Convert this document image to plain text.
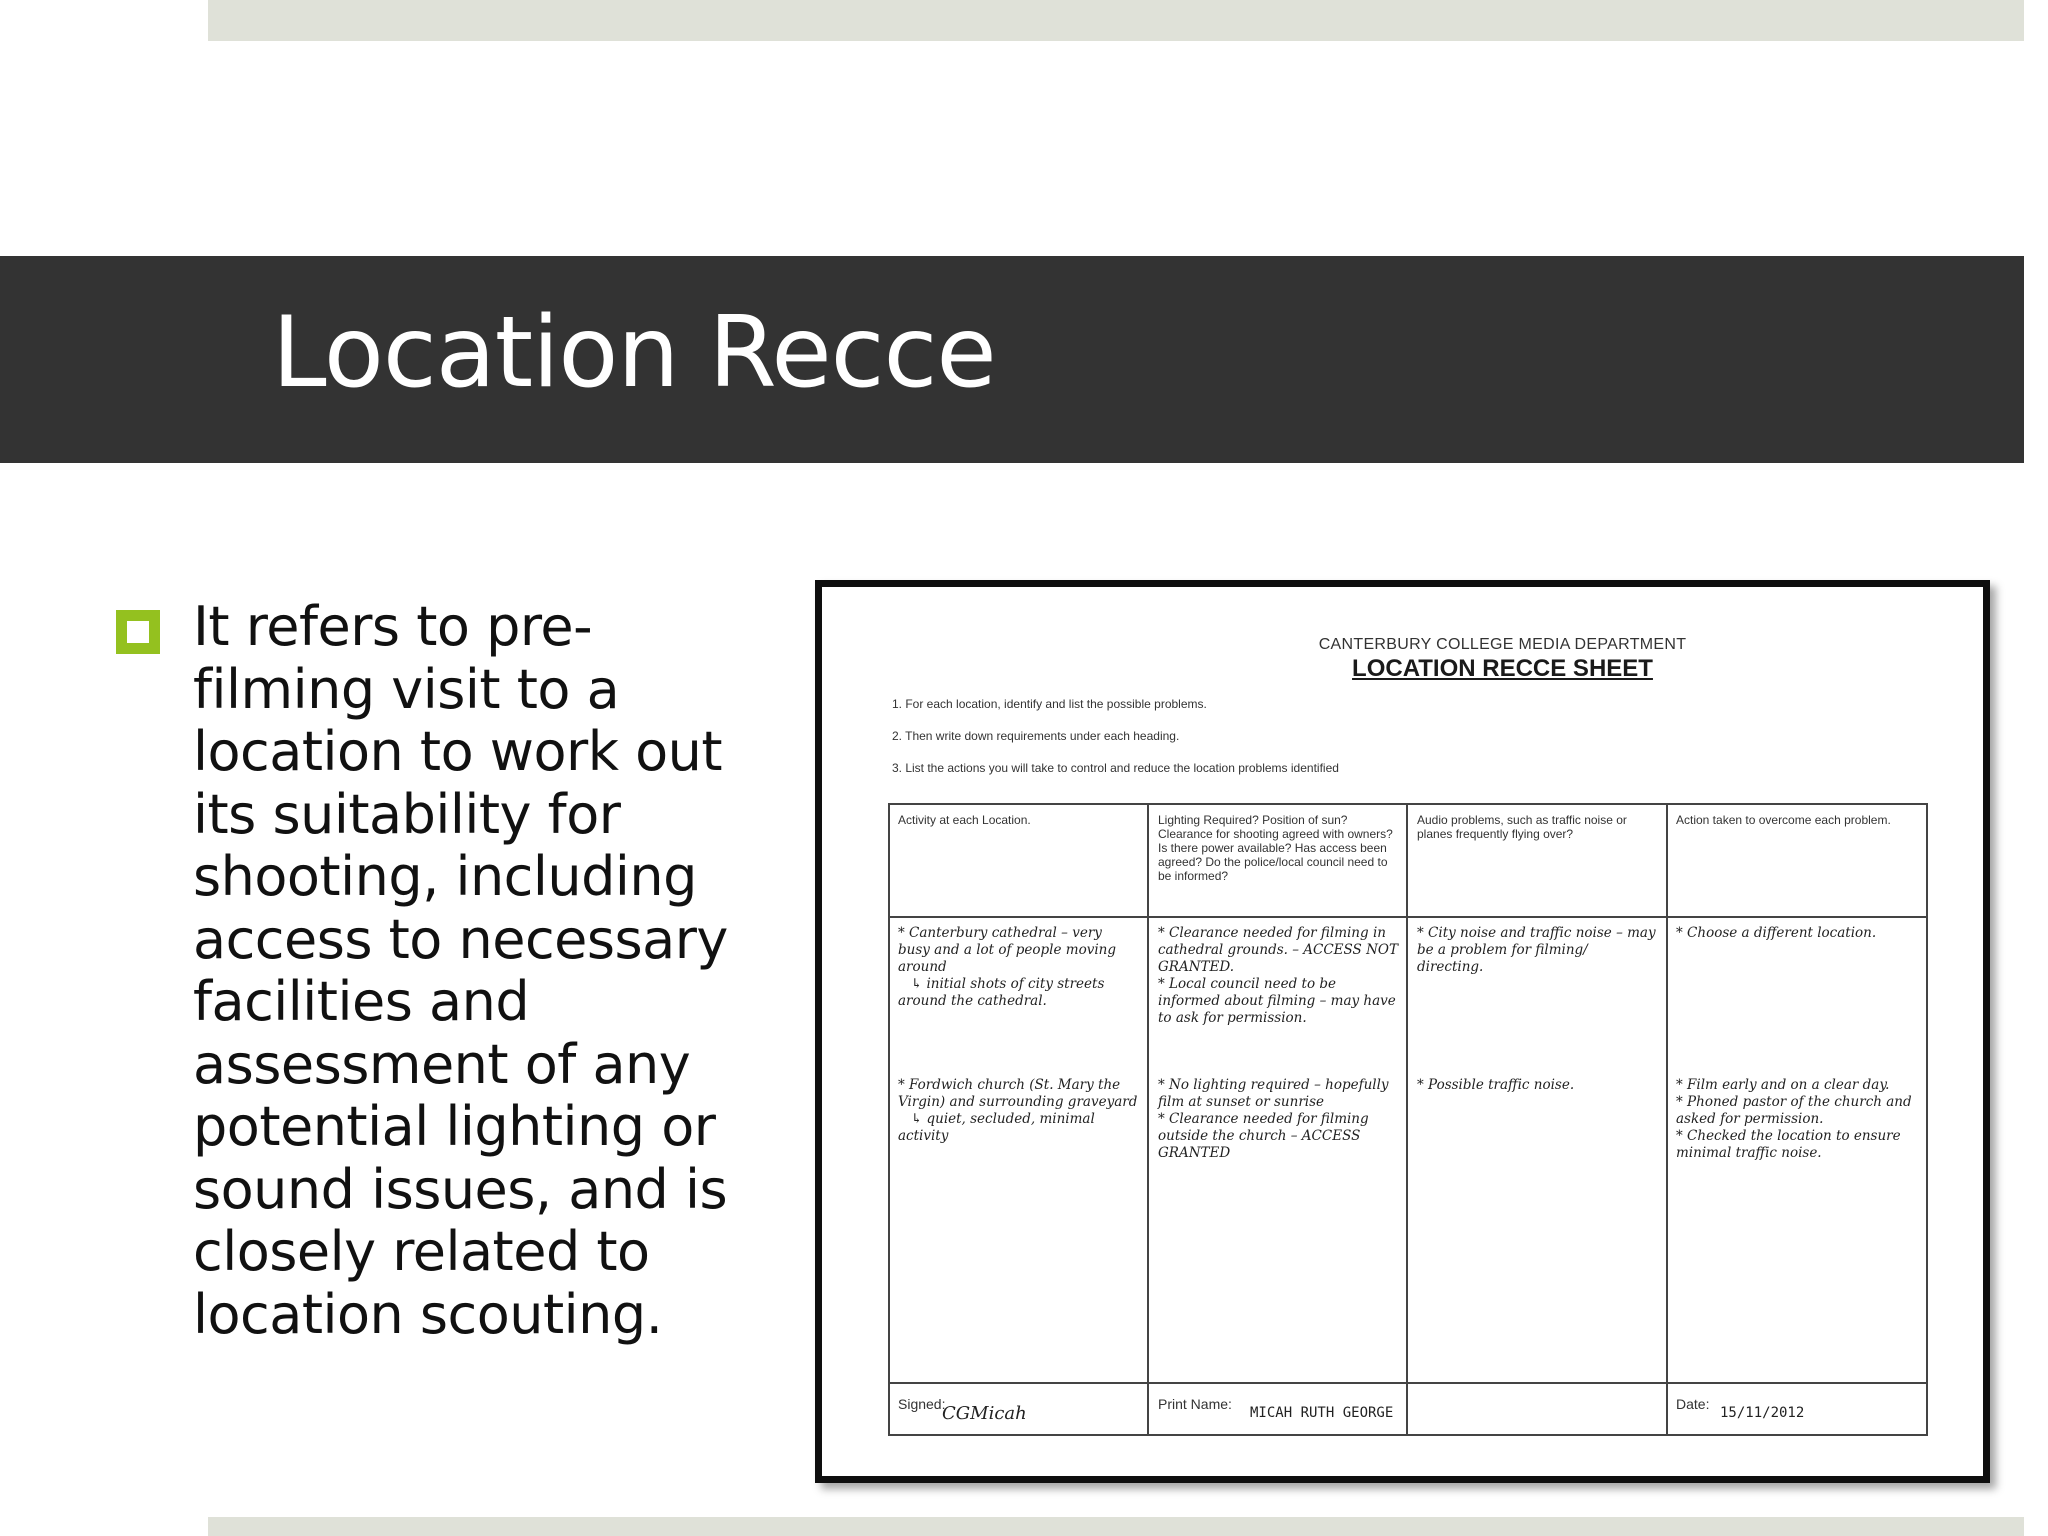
Location Recce

It refers to pre-filming visit to a location to work out its suitability for shooting, including access to necessary facilities and assessment of any potential lighting or sound issues, and is closely related to location scouting.

CANTERBURY COLLEGE MEDIA DEPARTMENT
LOCATION RECCE SHEET
1. For each location, identify and list the possible problems.
2. Then write down requirements under each heading.
3. List the actions you will take to control and reduce the location problems identified
Activity at each Location.	Lighting Required? Position of sun? Clearance for shooting agreed with owners? Is there power available? Has access been agreed? Do the police/local council need to be informed?
Audio problems, such as traffic noise or planes frequently flying over?
Action taken to overcome each problem.

* Canterbury cathedral – very busy and a lot of people moving around
↳ initial shots of city streets around the cathedral.

* Fordwich church (St. Mary the Virgin) and surrounding graveyard
↳ quiet, secluded, minimal activity

* Clearance needed for filming in cathedral grounds. – ACCESS NOT GRANTED.
* Local council need to be informed about filming – may have to ask for permission.

* No lighting required – hopefully film at sunset or sunrise
* Clearance needed for filming outside the church – ACCESS GRANTED

* City noise and traffic noise – may be a problem for filming/ directing.

* Possible traffic noise.

* Choose a different location.

* Film early and on a clear day.
* Phoned pastor of the church and asked for permission.
* Checked the location to ensure minimal traffic noise.

Signed:
CGMicah	Print Name:
MICAH RUTH GEORGE
Date:
15/11/2012
